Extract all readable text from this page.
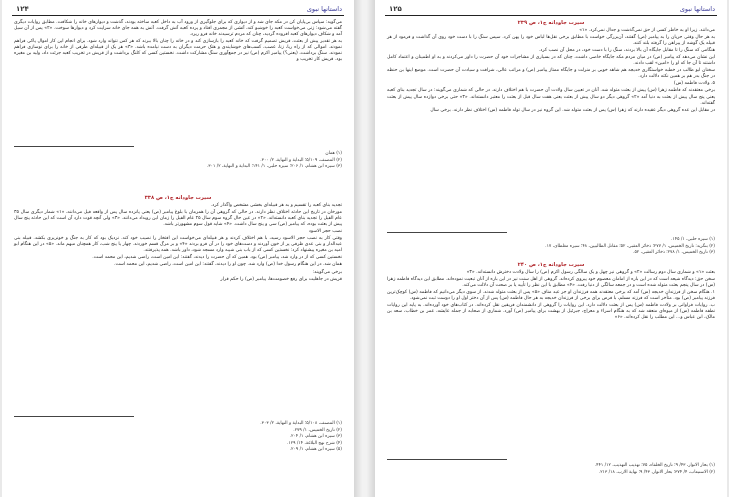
۱۲۴	داستانها نبوی

می‌گوید: سپاس بی‌پایان کن در مکه جای شد و از دیواری که برای جلوگیری از ورود آب به داخل کعبه ساخته بودند، گذشت و دیوارهای خانه را شکافت. مطابق روایات دیگری گفته می‌شود: زنی می‌خواست کعبه را خوشبو کند، آتشی از مجمری افتاد و پرده کعبه آتش گرفت. آتش به همه جای خانه سرایت کرد و دیوارها سوخت. «۲» پس از آن سیل آمد و شکاف دیوارهای کعبه افزوده گردید، چنان که مردم ترسیدند خانه فرو ریزد.

به هر تقدیر پیش از بعثت، قریش تصمیم گرفت که خانه کعبه را بازسازی کند و در خانه را چنان بالا ببرند که هر کس نتواند وارد شود. برای انجام این کار اموال پاکی فراهم نمودند. اموالی که از راه ربا، زنا، غصب، کسب‌های خوشایندی و هتک حرمت دیگران به دست نیامده باشد. «۳» هر یک از قبیله‌ای طرفی از خانه را برای نوسازی فراهم نمودند. سنگ برداشت، (یعنی؟) پیامبر اکرم (ص) نیز در جمع‌آوری سنگ مشارکت داشت. نخستین کسی که کلنگ برداشت و از قریش در تخریب کعبه جرئت داد، ولید بن مغیره بود. قریش کار تخریب و

(۱) همان
(۲) المصنف، ۵/۱۰۹؛ البدایة و النهایة، ۲/ ۳۰۰.
(۳) سیره ابن هشام، ۱/ ۲۰۶؛ سیره حلبی، ۱/ ۱۴۱؛ البدایة و النهایة، ۲/ ۳۰۱.
سیرت جاودانه ج۱، ص ۳۳۸

تجدید بنای کعبه را تقسیم و به هر قبیله‌ای بخشی مشخص واگذار کرد.

مورخان در تاریخ این حادثه اختلاف نظر دارند. در حالی که گروهی آن را همزمان با بلوغ پیامبر (ص) یعنی پانزده سال پس از واقعه فیل می‌دانند، «۱» شمار دیگری سال ۳۵ عام الفیل را تجدید بنای کعبه دانسته‌اند. «۲» در عین حال گروه سوم سال ۲۵ عام الفیل را زمان این رویداد می‌دانند. «۳» ولی آنچه قوت دارد آن است که این حادثه پنج سال پیش از بعثت بوده، که پیامبر (ص) سی و پنج سال داشت. «۴» شاید قول سوم مشهورتر باشد.

نصب حجر الاسود

وقتی کار به نصب حجر الاسود رسید، با هم اختلاف کردند و هر قبیله‌ای می‌خواست این افتخار را نصیب خود کند. نزدیک بود که کار به جنگ و خونریزی بکشد. قبیله بنی عبدالدار و بنی عدی ظرفی پر از خون آوردند و دست‌های خود را در آن فرو بردند «۴» و بر مرگ قسم خوردند. چهار یا پنج شب، کار همچنان مبهم ماند. «۵» در این هنگام ابو امیه بن مغیره پیشنهاد کرد: نخستین کسی که از باب بنی شیبه وارد مسجد شود، داور باشد. همه پذیرفتند.

نخستین کسی که از در وارد شد، پیامبر (ص) بود. همین که آن حضرت را دیدند، گفتند: این امین است، راضی شدیم، این محمد است.

همان شد. در این هنگام رسول خدا (ص) وارد شد. چون او را دیدند، گفتند: این امین است، راضی شدیم، این محمد است.

برخی می‌گویند:

قریش در جاهلیت برای رفع خصومت‌ها، پیامبر (ص) را حکم قرار

(۱) المصنف، ۵/۱۰۸؛ البدایة و النهایة، ۲/ ۳۰۳.
(۲) تاریخ الخمیس، ۱/ ۲۷۹.
(۳) سیره ابن هشام، ۱/ ۲۰۴.
(۴) شرح نهج البلاغة، ۱۴/ ۱۲۹.
(۵) سیره ابن هشام، ۱/ ۲۰۹.
۱۲۵	داستانها نبوی
سیرت جاودانه ج۱، ص ۲۳۹

می‌دانند. زیرا او به خاطر کسی از حق نمی‌گذشت و جدال نمی‌کرد. «۱»

به هر حال وقتی حریان را به پیامبر (ص) گفتند، آن‌بزرگی خواست با مطابق برخی نقل‌ها لباس خود را پهن کرد. سپس سنگ را با دست خود روی آن گذاشت و فرمود از هر قبیله یک گوشه از پیراهن را گرفته بلند کنند.

هنگامی که سنگ را تا مقابل جایگاه آن بالا بردند، سنگ را با دست خود، در محل آن نصب کرد.

این نشان می‌دهد که پیامبر (ص) در میان مردم مکه جایگاه خاصی داشت، چنان که در بسیاری از مشاجرات خود آن حضرت را داور می‌کردند و به او اطمینان و اعتماد کامل داشتند تا آن جا که او را «امین» لقب دادند.

سخنان ابو طالب در خطبه خواستگاری خدیجه هم شاهد خوبی بر منزلت و جایگاه ممتاز پیامبر (ص) و مراتب عالی، شرافت و سیادت آن حضرت است. موضع اینها بن حنظه در جنگ بدر هم بر همین نکته دلالت دارد.

۵. ولادت فاطمه (س)

برخی معتقدند که فاطمه زهرا (س) پیش از بعثت متولد شد. آنان در تعیین سال ولادت آن حضرت با هم اختلاف دارند. در حالی که شماری می‌گویند: در سال تجدید بنای کعبه یعنی پنج سال پیش از بعثت به دنیا آمد «۲» گروهی دیگر دو سال پیش از بعثت یعنی هفت سال قبل از بعثت را معتبر دانسته‌اند. «۳» حتی برخی دوازده سال پیش از بعثت گفته‌اند.

در مقابل این عده گروهی دیگر عقیده دارند که زهرا (س) پس از بعثت متولد شد. این گروه نیز در سال تولد فاطمه (س) اختلاف نظر دارند. برخی سال

(۱) سیره حلبی، ۱/ ۱۴۵.
(۲) بنگرید: تاریخ الخمیس، ۱/ ۲۷۷؛ ذخائر العقبی، ۵۲؛ مقاتل الطالبیین، ۴۸؛ سیره مغلطای، ۱۷.
(۳) تاریخ الخمیس، ۱/ ۲۷۸؛ ذخائر العقبی، ۵۲.
سیرت جاودانه ج۱، ص ۲۴۰

بعثت «۱» و شماری سال دوم رسالت «۲» و گروهی نیز چهل و یک سالگی رسول اکرم (ص) را سال ولادت دخترش دانسته‌اند. «۳»

سخن حق: دیدگاه شیعه است که در این باره از امامان معصوم خود پیروی کرده‌اند. گروهی از اهل سنت نیز در این باره از آنان تبعیت نموده‌اند. مطابق این دیدگاه فاطمه زهرا (س) در سال پنجم بعثت متولد شده است و در جمعه سالگی از دنیا رفت. «۴» مطابق با این نظر را تأیید یا بر صحت آن دلالت می‌کند.

۱. هنگام سخن از فرزندان خدیجه (س) آمد که برخی معتقدند همه فرزندان او جز عبد مناف «۵» پس از بعثت متولد شدند. از سوی دیگر می‌دانیم که فاطمه (س) کوچک‌ترین فرزند پیامبر (ص) بود. متأخر است که فرزند مسلم، با فرض برای برخی از فرزندان خدیجه به هر حال فاطمه (س) پس از آن دختر اول او را دوست ثبت نمی‌شود.

ب. روایات فراوانی بر ولادت فاطمه (س) پس از بعثت دلالت دارد. این روایات را گروهی از دانشمندان فریقین نقل کرده‌اند. در کتاب‌های خود آورده‌اند. به پایه این روایات نطفه فاطمه (س) از میوه‌ای منعقد شد که به هنگام اسراء و معراج، جبرئیل از بهشت برای پیامبر (ص) آورد. شماری از صحابه از جمله عایشه، عمر بن خطاب، سعد بن مالک، ابن عباس و... این مطلب را نقل کرده‌اند. «۶»

(۱) بحار الانوار، ۴۳/ ۹؛ تاریخ الخلفاء، ۷۵؛ تهذیب التهذیب، ۱۲/ ۴۴۱.
(۲) الاستیعاب، ۴/ ۳۷۴؛ بحار الانوار، ۴۳/ ۹؛ نهایة الارب، ۱۸/ ۲۱۳.
